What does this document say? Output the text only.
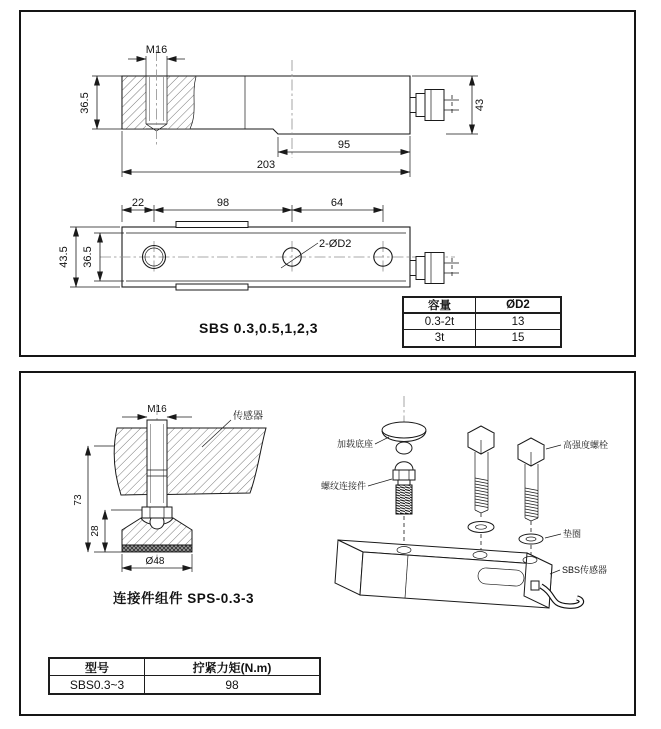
M16
36.5
95
203
43
22	98	64
43.5 36.5
2-ØD2
SBS 0.3,0.5,1,2,3
容量	ØD2
0.3-2t	13
3t	15
M16
传感器
73
28
Ø48
加载底座
螺纹连接件
高强度螺栓
垫圈
SBS传感器
连接件组件 SPS-0.3-3
型号	拧紧力矩(N.m)
SBS0.3~3	98
